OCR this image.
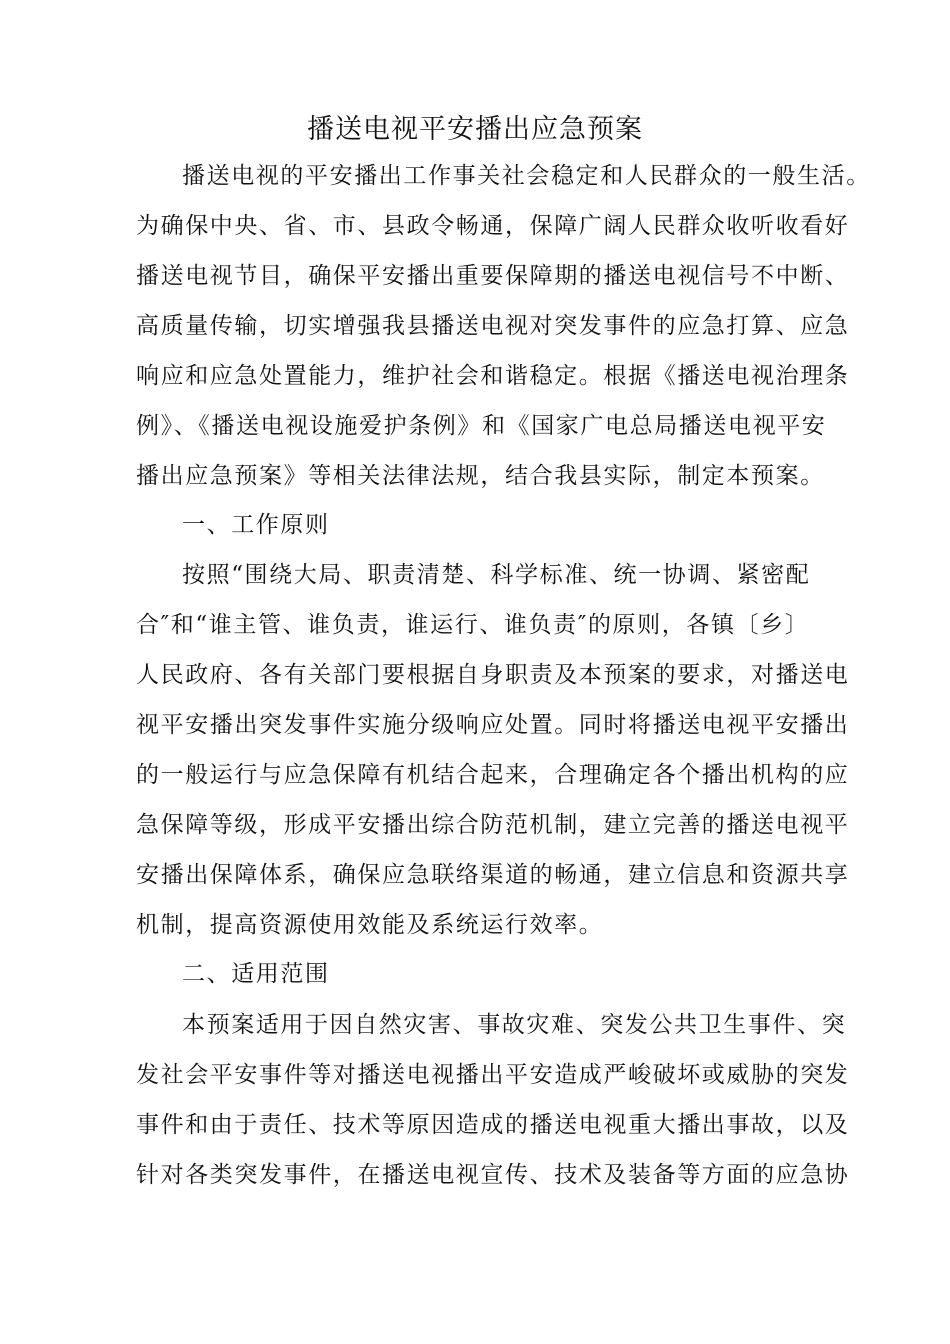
播送电视平安播出应急预案
播送电视的平安播出工作事关社会稳定和人民群众的一般生活。
为确保中央、省、市、县政令畅通，保障广阔人民群众收听收看好
播送电视节目，确保平安播出重要保障期的播送电视信号不中断、
高质量传输，切实增强我县播送电视对突发事件的应急打算、应急
响应和应急处置能力，维护社会和谐稳定。根据《播送电视治理条
例》、《播送电视设施爱护条例》和《国家广电总局播送电视平安
播出应急预案》等相关法律法规，结合我县实际，制定本预案。
一、工作原则
按照“围绕大局、职责清楚、科学标准、统一协调、紧密配
合″和“谁主管、谁负责，谁运行、谁负责″的原则，各镇〔乡〕
人民政府、各有关部门要根据自身职责及本预案的要求，对播送电
视平安播出突发事件实施分级响应处置。同时将播送电视平安播出
的一般运行与应急保障有机结合起来，合理确定各个播出机构的应
急保障等级，形成平安播出综合防范机制，建立完善的播送电视平
安播出保障体系，确保应急联络渠道的畅通，建立信息和资源共享
机制，提高资源使用效能及系统运行效率。
二、适用范围
本预案适用于因自然灾害、事故灾难、突发公共卫生事件、突
发社会平安事件等对播送电视播出平安造成严峻破坏或威胁的突发
事件和由于责任、技术等原因造成的播送电视重大播出事故，以及
针对各类突发事件，在播送电视宣传、技术及装备等方面的应急协
